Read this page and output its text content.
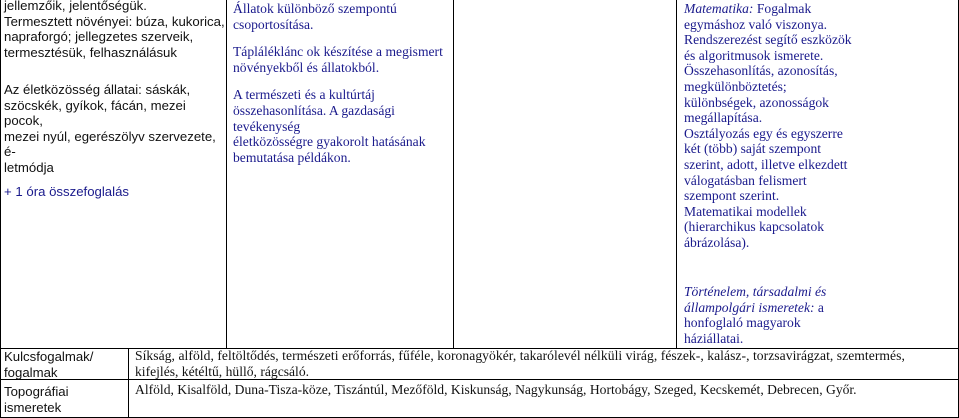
jellemzőik, jelentőségük.
Termesztett növényei: búza, kukorica,
napraforgó; jellegzetes szerveik,
termesztésük, felhasználásuk
Az életközösség állatai: sáskák,
szöcskék, gyíkok, fácán, mezei pocok,
mezei nyúl, egerészölyv szervezete, é-
letmódja
+ 1 óra összefoglalás
Állatok különböző szempontú
csoportosítása.
Tápláléklánc ok készítése a megismert
növényekből és állatokból.
A természeti és a kultúrtáj
összehasonlítása. A gazdasági tevékenység
életközösségre gyakorolt hatásának
bemutatása példákon.
Matematika: Fogalmak
egymáshoz való viszonya.
Rendszerezést segítő eszközök
és algoritmusok ismerete.
Összehasonlítás, azonosítás,
megkülönböztetés;
különbségek, azonosságok
megállapítása.
Osztályozás egy és egyszerre
két (több) saját szempont
szerint, adott, illetve elkezdett
válogatásban felismert
szempont szerint.
Matematikai modellek
(hierarchikus kapcsolatok
ábrázolása).
Történelem, társadalmi és
állampolgári ismeretek: a
honfoglaló magyarok
háziállatai.
Kulcsfogalmak/
fogalmak
Síkság, alföld, feltöltődés, természeti erőforrás, fűféle, koronagyökér, takarólevél nélküli virág, fészek-, kalász-, torzsavirágzat, szemtermés,
kifejlés, kétéltű, hüllő, rágcsáló.
Topográfiai
ismeretek
Alföld, Kisalföld, Duna-Tisza-köze, Tiszántúl, Mezőföld, Kiskunság, Nagykunság, Hortobágy, Szeged, Kecskemét, Debrecen, Győr.
